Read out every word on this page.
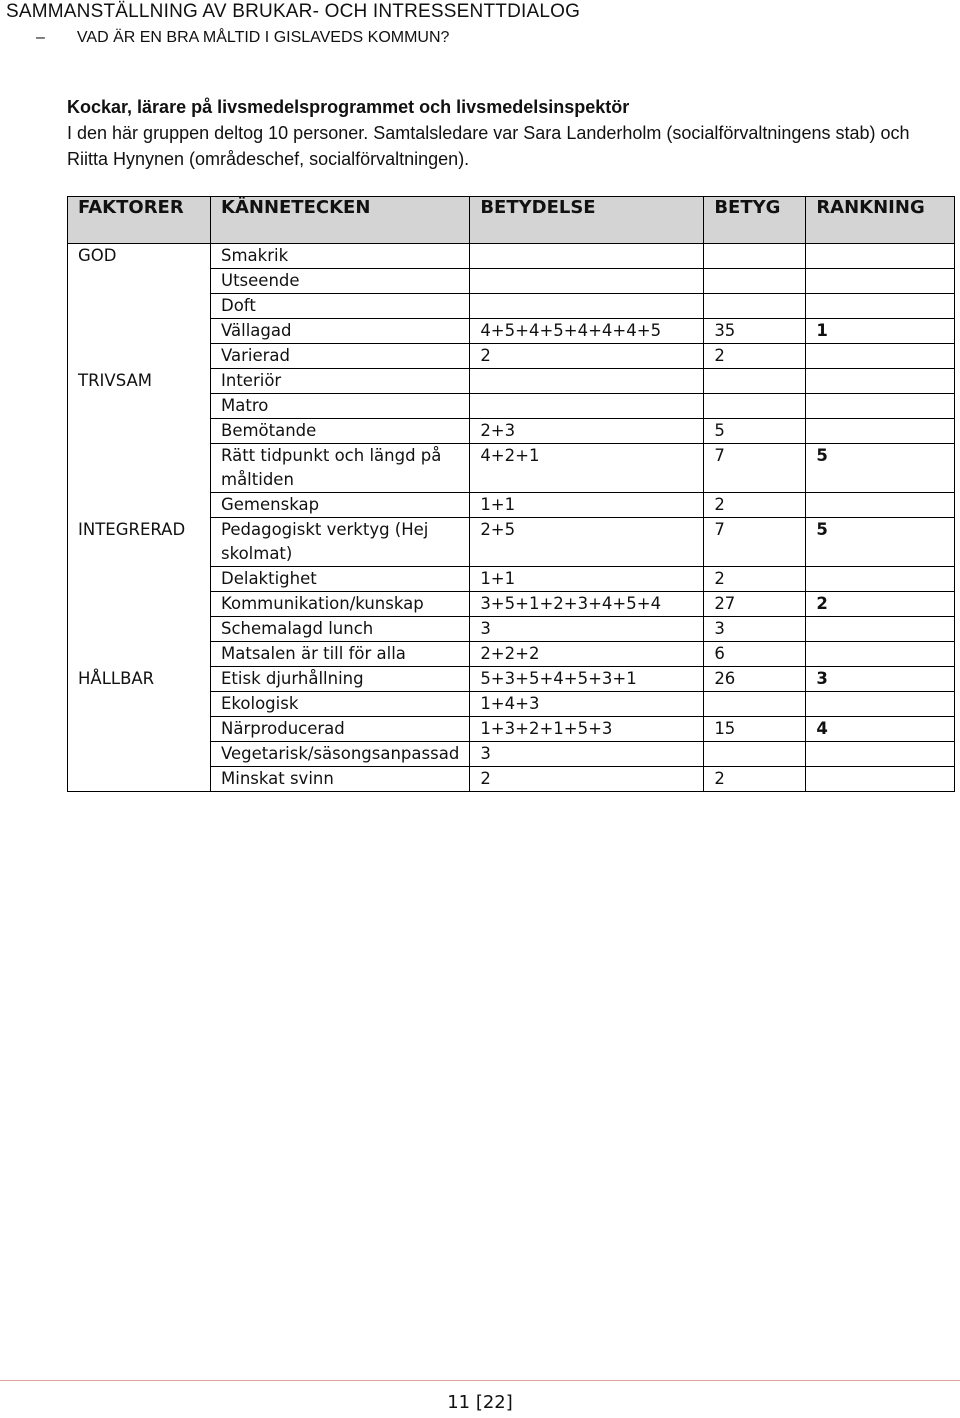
SAMMANSTÄLLNING AV BRUKAR- OCH INTRESSENTTDIALOG
– VAD ÄR EN BRA MÅLTID I GISLAVEDS KOMMUN?
Kockar, lärare på livsmedelsprogrammet och livsmedelsinspektör
I den här gruppen deltog 10 personer. Samtalsledare var Sara Landerholm (socialförvaltningens stab) och Riitta Hynynen (områdeschef, socialförvaltningen).
FAKTORER	KÄNNETECKEN	BETYDELSE	BETYG	RANKNING
GOD	Smakrik			
	Utseende			
	Doft			
	Vällagad	4+5+4+5+4+4+4+5	35	1
	Varierad	2	2	
TRIVSAM	Interiör			
	Matro			
	Bemötande	2+3	5	
	Rätt tidpunkt och längd på måltiden	4+2+1	7	5
	Gemenskap	1+1	2	
INTEGRERAD	Pedagogiskt verktyg (Hej skolmat)	2+5	7	5
	Delaktighet	1+1	2	
	Kommunikation/kunskap	3+5+1+2+3+4+5+4	27	2
	Schemalagd lunch	3	3	
	Matsalen är till för alla	2+2+2	6	
HÅLLBAR	Etisk djurhållning	5+3+5+4+5+3+1	26	3
	Ekologisk	1+4+3		
	Närproducerad	1+3+2+1+5+3	15	4
	Vegetarisk/säsongsanpassad	3		
	Minskat svinn	2	2	
11 [22]
